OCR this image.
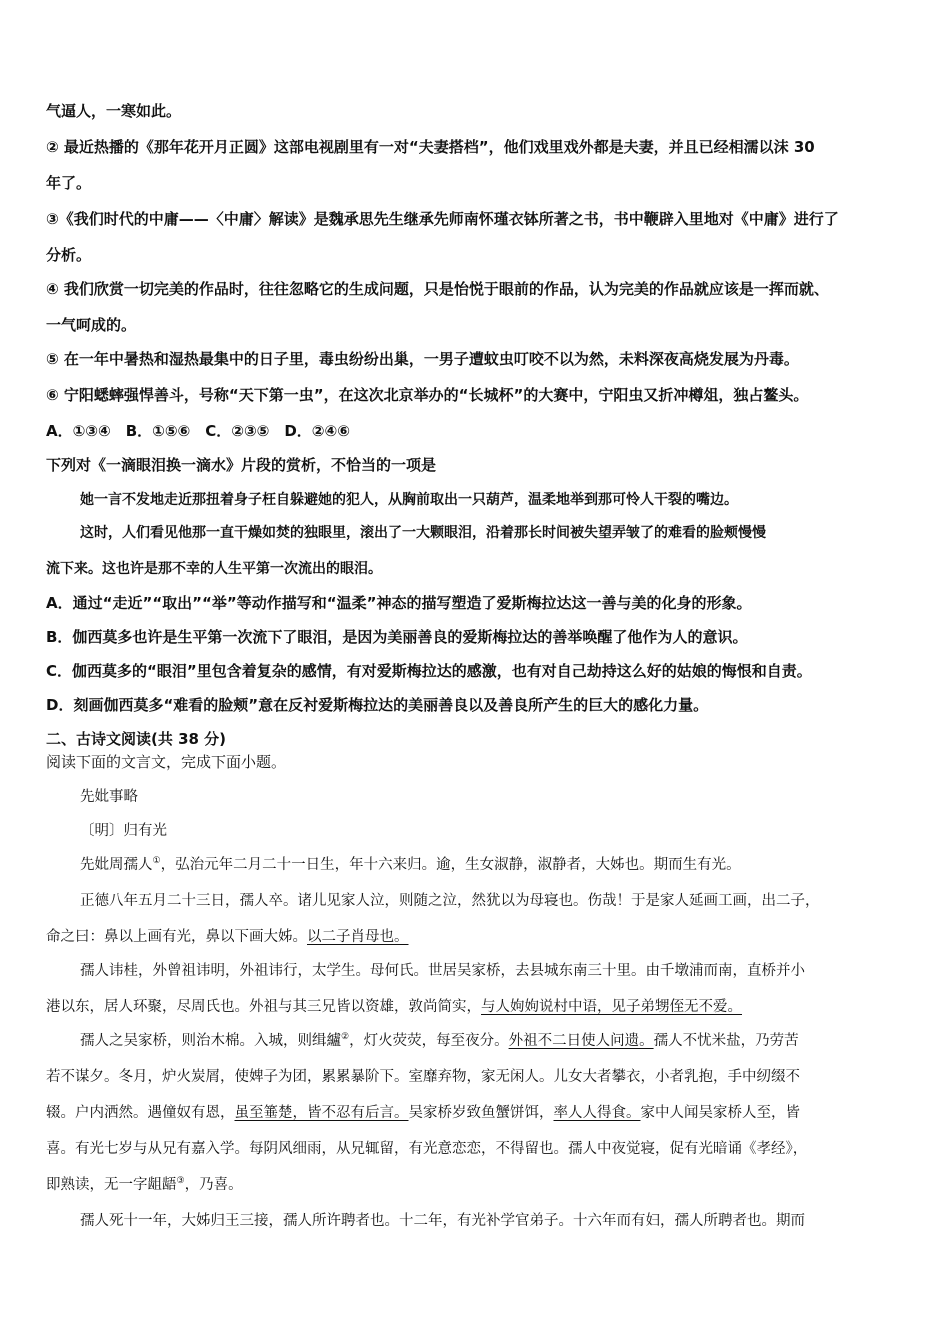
气逼人，一寒如此。
② 最近热播的《那年花开月正圆》这部电视剧里有一对“夫妻搭档”，他们戏里戏外都是夫妻，并且已经相濡以沫 30
年了。
③《我们时代的中庸——〈中庸〉解读》是魏承思先生继承先师南怀瑾衣钵所著之书，书中鞭辟入里地对《中庸》进行了
分析。
④ 我们欣赏一切完美的作品时，往往忽略它的生成问题，只是怡悦于眼前的作品，认为完美的作品就应该是一挥而就、
一气呵成的。
⑤ 在一年中暑热和湿热最集中的日子里，毒虫纷纷出巢，一男子遭蚊虫叮咬不以为然，未料深夜高烧发展为丹毒。
⑥ 宁阳蟋蟀强悍善斗，号称“天下第一虫”，在这次北京举办的“长城杯”的大赛中，宁阳虫又折冲樽俎，独占鳌头。
A．①③④　B．①⑤⑥　C．②③⑤　D．②④⑥
下列对《一滴眼泪换一滴水》片段的赏析，不恰当的一项是
她一言不发地走近那扭着身子枉自躲避她的犯人，从胸前取出一只葫芦，温柔地举到那可怜人干裂的嘴边。
这时，人们看见他那一直干燥如焚的独眼里，滚出了一大颗眼泪，沿着那长时间被失望弄皱了的难看的脸颊慢慢
流下来。这也许是那不幸的人生平第一次流出的眼泪。
A．通过“走近”“取出”“举”等动作描写和“温柔”神态的描写塑造了爱斯梅拉达这一善与美的化身的形象。
B．伽西莫多也许是生平第一次流下了眼泪，是因为美丽善良的爱斯梅拉达的善举唤醒了他作为人的意识。
C．伽西莫多的“眼泪”里包含着复杂的感情，有对爱斯梅拉达的感激，也有对自己劫持这么好的姑娘的悔恨和自责。
D．刻画伽西莫多“难看的脸颊”意在反衬爱斯梅拉达的美丽善良以及善良所产生的巨大的感化力量。
二、古诗文阅读(共 38 分)
阅读下面的文言文，完成下面小题。
先妣事略
〔明〕归有光
先妣周孺人①，弘治元年二月二十一日生，年十六来归。逾，生女淑静，淑静者，大姊也。期而生有光。
正德八年五月二十三日，孺人卒。诸儿见家人泣，则随之泣，然犹以为母寝也。伤哉！于是家人延画工画，出二子，
命之曰：鼻以上画有光，鼻以下画大姊。以二子肖母也。
孺人讳桂，外曾祖讳明，外祖讳行，太学生。母何氏。世居吴家桥，去县城东南三十里。由千墩浦而南，直桥并小
港以东，居人环聚，尽周氏也。外祖与其三兄皆以资雄，敦尚简实，与人姁姁说村中语，见子弟甥侄无不爱。
孺人之吴家桥，则治木棉。入城，则缉纑②，灯火荧荧，每至夜分。外祖不二日使人问遗。孺人不忧米盐，乃劳苦
若不谋夕。冬月，炉火炭屑，使婢子为团，累累暴阶下。室靡弃物，家无闲人。儿女大者攀衣，小者乳抱，手中纫缀不
辍。户内洒然。遇僮奴有恩，虽至箠楚，皆不忍有后言。吴家桥岁致鱼蟹饼饵，率人人得食。家中人闻吴家桥人至，皆
喜。有光七岁与从兄有嘉入学。每阴风细雨，从兄辄留，有光意恋恋，不得留也。孺人中夜觉寝，促有光暗诵《孝经》，
即熟读，无一字龃龉③，乃喜。
孺人死十一年，大姊归王三接，孺人所许聘者也。十二年，有光补学官弟子。十六年而有妇，孺人所聘者也。期而
